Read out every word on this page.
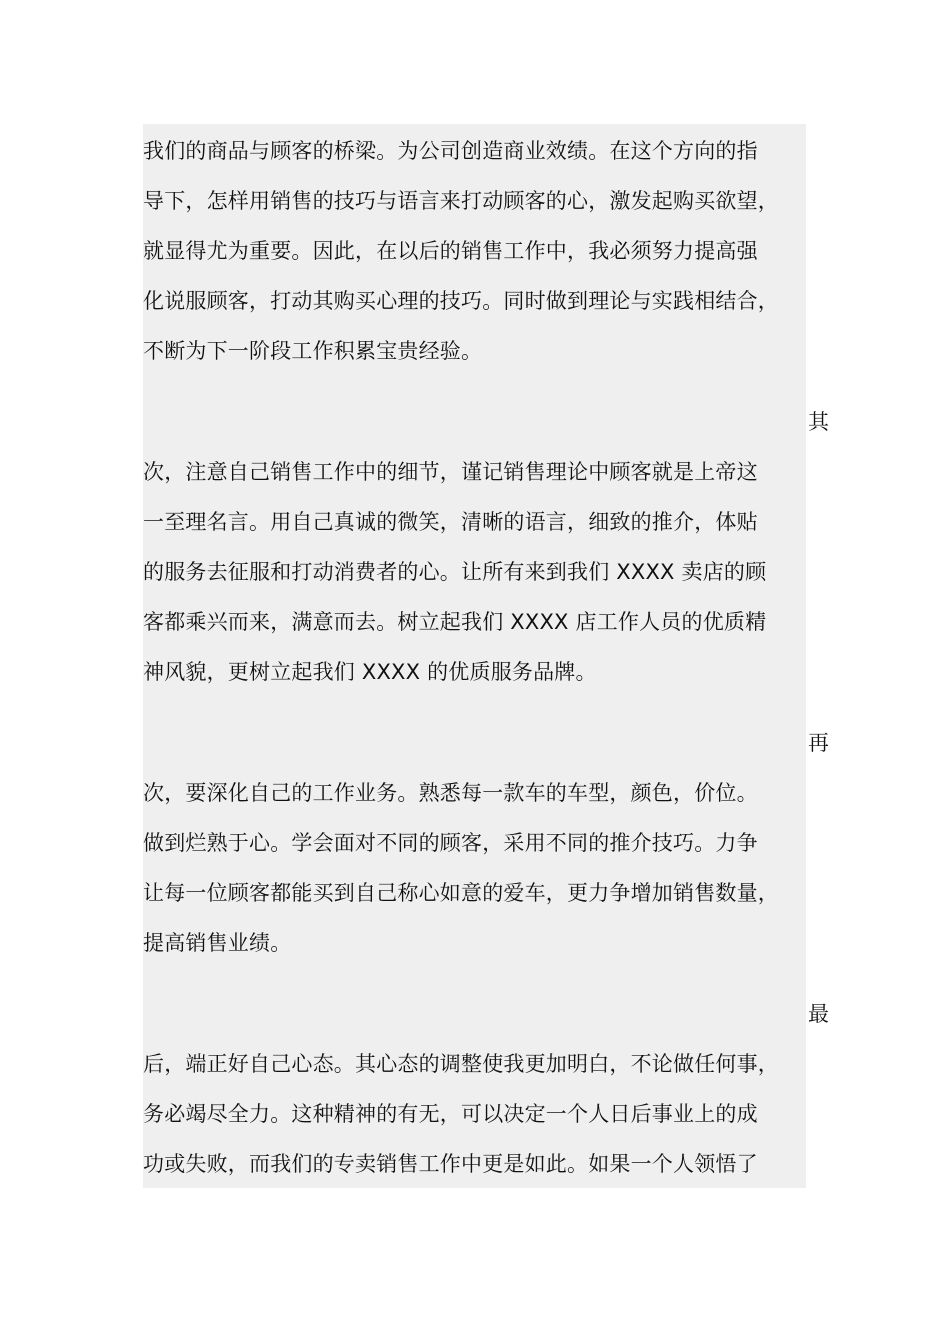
我们的商品与顾客的桥梁。为公司创造商业效绩。在这个方向的指
导下，怎样用销售的技巧与语言来打动顾客的心，激发起购买欲望，
就显得尤为重要。因此，在以后的销售工作中，我必须努力提高强
化说服顾客，打动其购买心理的技巧。同时做到理论与实践相结合，
不断为下一阶段工作积累宝贵经验。
其
次，注意自己销售工作中的细节，谨记销售理论中顾客就是上帝这
一至理名言。用自己真诚的微笑，清晰的语言，细致的推介，体贴
的服务去征服和打动消费者的心。让所有来到我们 XXXX 卖店的顾
客都乘兴而来，满意而去。树立起我们 XXXX 店工作人员的优质精
神风貌，更树立起我们 XXXX 的优质服务品牌。
再
次，要深化自己的工作业务。熟悉每一款车的车型，颜色，价位。
做到烂熟于心。学会面对不同的顾客，采用不同的推介技巧。力争
让每一位顾客都能买到自己称心如意的爱车，更力争增加销售数量，
提高销售业绩。
最
后，端正好自己心态。其心态的调整使我更加明白，不论做任何事，
务必竭尽全力。这种精神的有无，可以决定一个人日后事业上的成
功或失败，而我们的专卖销售工作中更是如此。如果一个人领悟了
